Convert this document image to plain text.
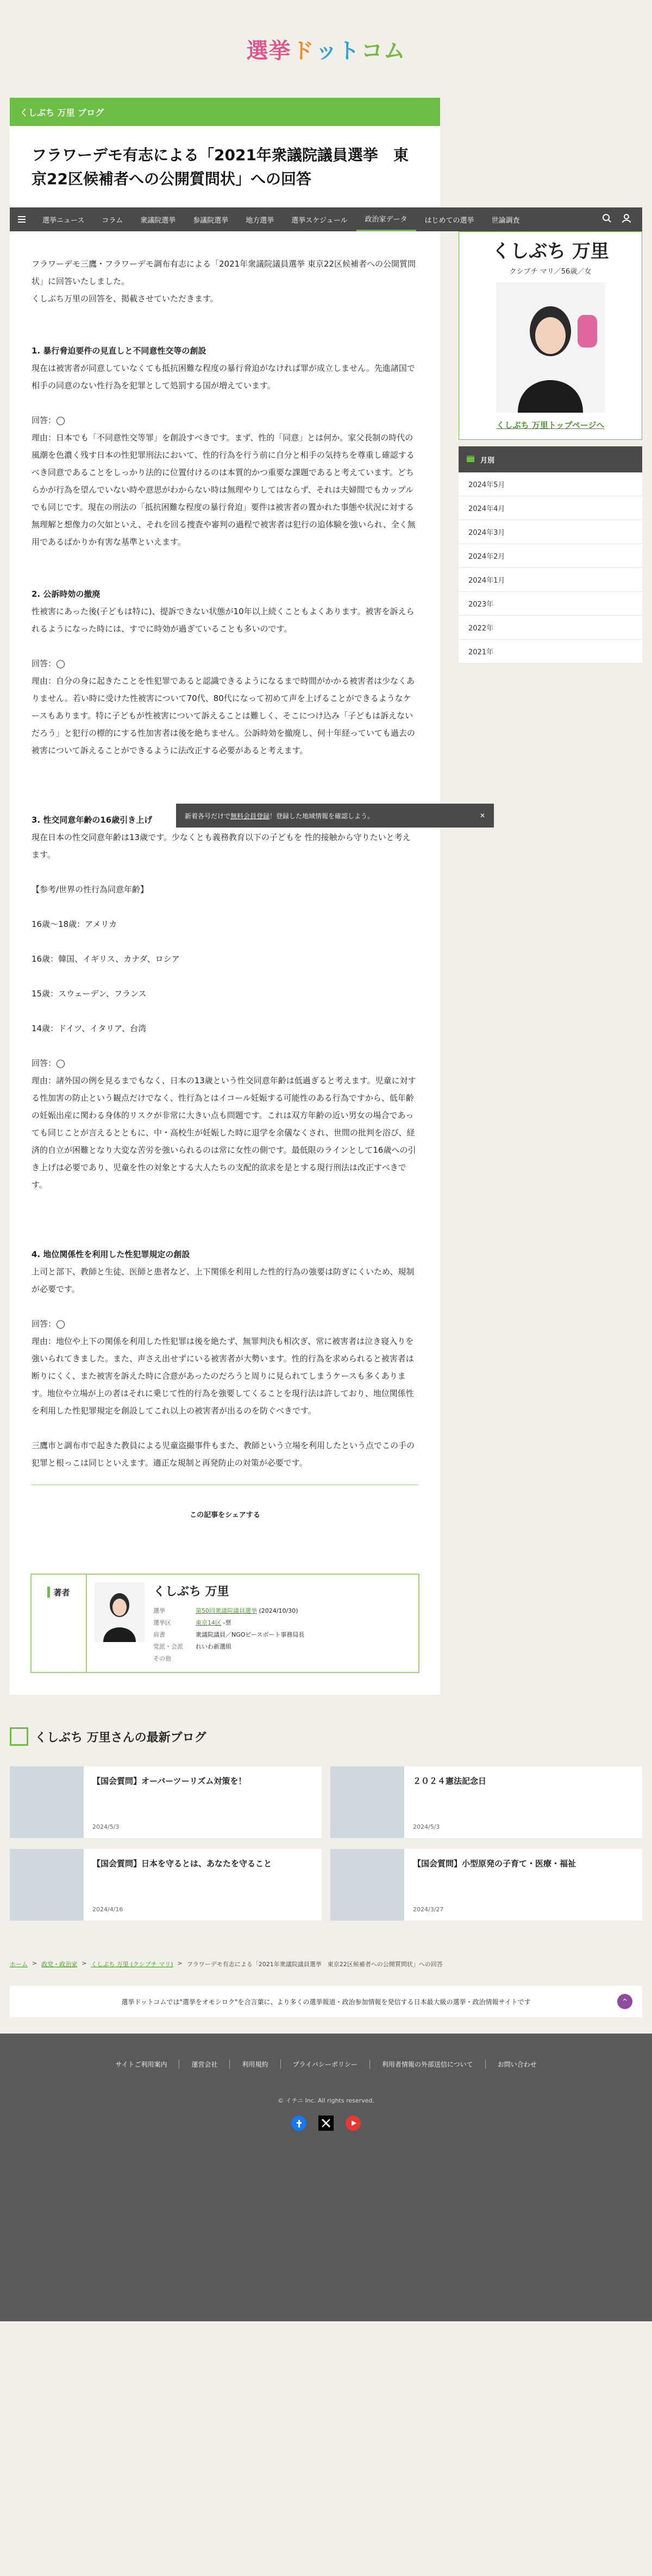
選挙 ド ット コム
くしぶち 万里 ブログ
フラワーデモ有志による「2021年衆議院議員選挙　東京22区候補者への公開質問状」への回答
選挙ニュース	コラム	衆議院選挙	参議院選挙	地方選挙	選挙スケジュール	政治家データ	はじめての選挙	世論調査

フラワーデモ三鷹・フラワーデモ調布有志による「2021年衆議院議員選挙 東京22区候補者への公開質問状」に回答いたしました。

くしぶち万里の回答を、掲載させていただきます。

1. 暴行脅迫要件の見直しと不同意性交等の創設

現在は被害者が同意していなくても抵抗困難な程度の暴行脅迫がなければ罪が成立しません。先進諸国で相手の同意のない性行為を犯罪として処罰する国が増えています。

回答：◯

理由：日本でも「不同意性交等罪」を創設すべきです。まず、性的「同意」とは何か。家父長制の時代の風潮を色濃く残す日本の性犯罪刑法において、性的行為を行う前に自分と相手の気持ちを尊重し確認するべき同意であることをしっかり法的に位置付けるのは本質的かつ重要な課題であると考えています。どちらかが行為を望んでいない時や意思がわからない時は無理やりしてはならず、それは夫婦間でもカップルでも同じです。現在の刑法の「抵抗困難な程度の暴行脅迫」要件は被害者の置かれた事態や状況に対する無理解と想像力の欠如といえ、それを回る捜査や審判の過程で被害者は犯行の追体験を強いられ、全く無用であるばかりか有害な基準といえます。

2. 公訴時効の撤廃

性被害にあった後(子どもは特に)、提訴できない状態が10年以上続くこともよくあります。被害を訴えられるようになった時には、すでに時効が過ぎていることも多いのです。

回答：◯

理由：自分の身に起きたことを性犯罪であると認識できるようになるまで時間がかかる被害者は少なくありません。若い時に受けた性被害について70代、80代になって初めて声を上げることができるようなケースもあります。特に子どもが性被害について訴えることは難しく、そこにつけ込み「子どもは訴えないだろう」と犯行の標的にする性加害者は後を絶ちません。公訴時効を撤廃し、何十年経っていても過去の被害について訴えることができるように法改正する必要があると考えます。

3. 性交同意年齢の16歳引き上げ

現在日本の性交同意年齢は13歳です。少なくとも義務教育以下の子どもを 性的接触から守りたいと考えます。

【参考/世界の性行為同意年齢】

16歳〜18歳：アメリカ

16歳：韓国、イギリス、カナダ、ロシア

15歳：スウェーデン、フランス

14歳：ドイツ、イタリア、台湾

回答：◯

理由：諸外国の例を見るまでもなく、日本の13歳という性交同意年齢は低過ぎると考えます。児童に対する性加害の防止という観点だけでなく、性行為とはイコール妊娠する可能性のある行為ですから、低年齢の妊娠出産に関わる身体的リスクが非常に大きい点も問題です。これは双方年齢の近い男女の場合であっても同じことが言えるとともに、中・高校生が妊娠した時に退学を余儀なくされ、世間の批判を浴び、経済的自立が困難となり大変な苦労を強いられるのは常に女性の側です。最低限のラインとして16歳への引き上げは必要であり、児童を性の対象とする大人たちの支配的欲求を是とする現行刑法は改正すべきです。

4. 地位関係性を利用した性犯罪規定の創設

上司と部下、教師と生徒、医師と患者など、上下関係を利用した性的行為の強要は防ぎにくいため、規制が必要です。

回答：◯

理由：地位や上下の関係を利用した性犯罪は後を絶たず、無罪判決も相次ぎ、常に被害者は泣き寝入りを強いられてきました。また、声さえ出せずにいる被害者が大勢います。性的行為を求められると被害者は断りにくく、また被害を訴えた時に合意があったのだろうと周りに見られてしまうケースも多くあります。地位や立場が上の者はそれに乗じて性的行為を強要してくることを現行法は許しており、地位関係性を利用した性犯罪規定を創設してこれ以上の被害者が出るのを防ぐべきです。

三鷹市と調布市で起きた教員による児童盗撮事件もまた、教師という立場を利用したという点でこの手の犯罪と根っこは同じといえます。適正な規制と再発防止の対策が必要です。

この記事をシェアする
くしぶち 万里
クシブチ マリ／56歳／女
くしぶち 万里トップページへ
月別
2024年5月
2024年4月
2024年3月
2024年2月
2024年1月
2023年
2022年
2021年
著者	くしぶち 万里
選挙	第50回衆議院議員選挙 (2024/10/30)
選挙区	東京14区 -票
肩書	衆議院議員／NGOピースボート事務局長
党派・会派	れいわ新選組
その他	
くしぶち 万里さんの最新ブログ
【国会質問】オーバーツーリズム対策を！
2024/5/3
２０２４憲法記念日
2024/5/3
【国会質問】日本を守るとは、あなたを守ること
2024/4/16
【国会質問】小型原発の子育て・医療・福祉
2024/3/27
ホーム > 政党・政治家 > くしぶち 万里 (クシブチ マリ) > フラワーデモ有志による「2021年衆議院議員選挙　東京22区候補者への公開質問状」への回答
選挙ドットコムでは"選挙をオモシロク"を合言葉に、より多くの選挙報道・政治参加情報を発信する日本最大級の選挙・政治情報サイトです	^
新着各号だけで無料会員登録！登録した地域情報を確認しよう。	✕
サイトご利用案内	運営会社	利用規約	プライバシーポリシー	利用者情報の外部送信について	お問い合わせ
© イチニ Inc. All rights reserved.
